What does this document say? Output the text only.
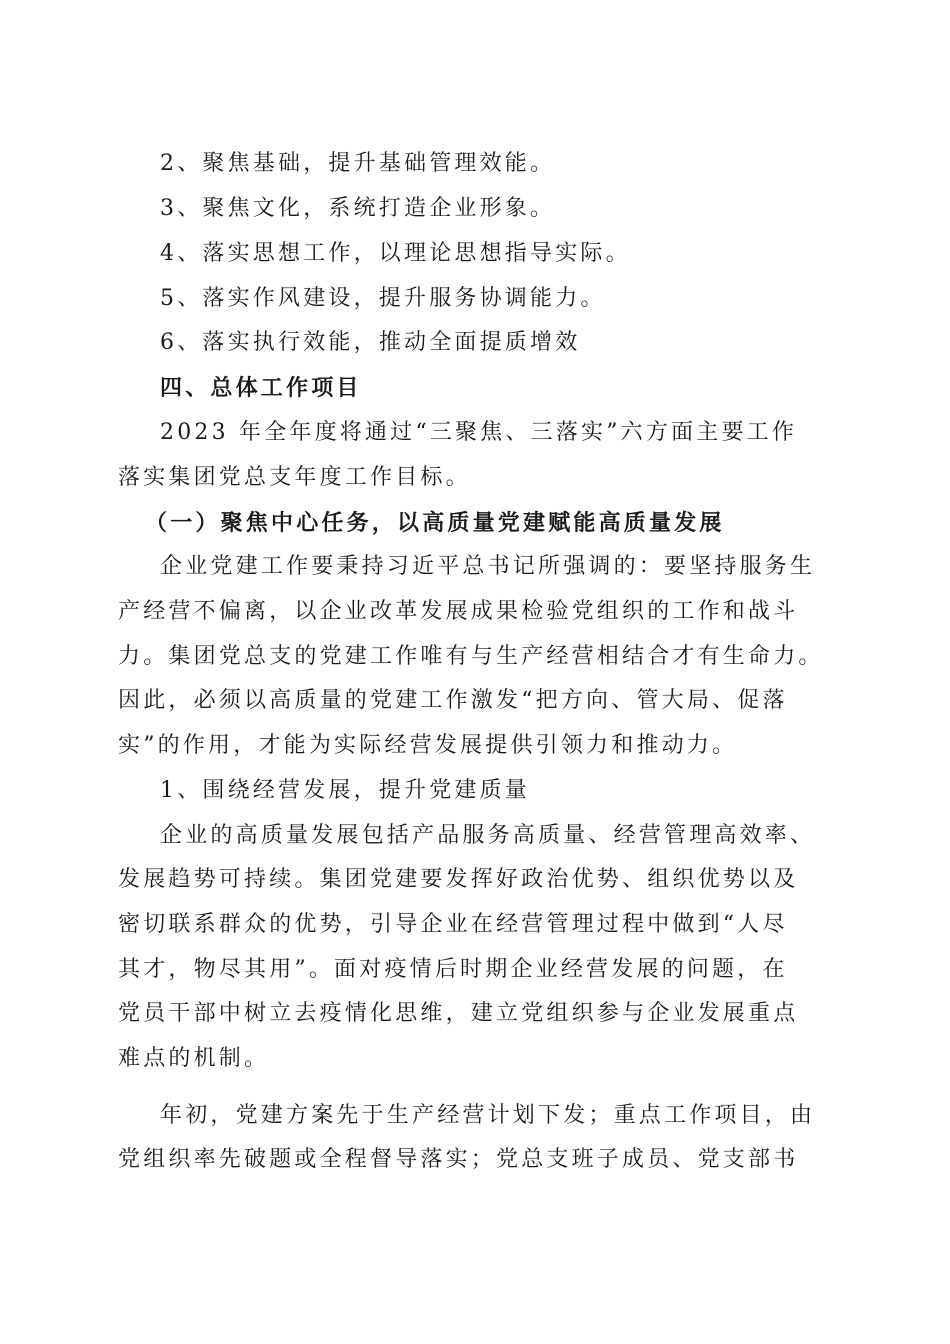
2、聚焦基础，提升基础管理效能。
3、聚焦文化，系统打造企业形象。
4、落实思想工作，以理论思想指导实际。
5、落实作风建设，提升服务协调能力。
6、落实执行效能，推动全面提质增效
四、总体工作项目
2023 年全年度将通过“三聚焦、三落实”六方面主要工作
落实集团党总支年度工作目标。
（一）聚焦中心任务，以高质量党建赋能高质量发展
企业党建工作要秉持习近平总书记所强调的：要坚持服务生
产经营不偏离，以企业改革发展成果检验党组织的工作和战斗
力。集团党总支的党建工作唯有与生产经营相结合才有生命力。
因此，必须以高质量的党建工作激发“把方向、管大局、促落
实”的作用，才能为实际经营发展提供引领力和推动力。
1、围绕经营发展，提升党建质量
企业的高质量发展包括产品服务高质量、经营管理高效率、
发展趋势可持续。集团党建要发挥好政治优势、组织优势以及
密切联系群众的优势，引导企业在经营管理过程中做到“人尽
其才，物尽其用”。面对疫情后时期企业经营发展的问题，在
党员干部中树立去疫情化思维，建立党组织参与企业发展重点
难点的机制。
年初，党建方案先于生产经营计划下发；重点工作项目，由
党组织率先破题或全程督导落实；党总支班子成员、党支部书
